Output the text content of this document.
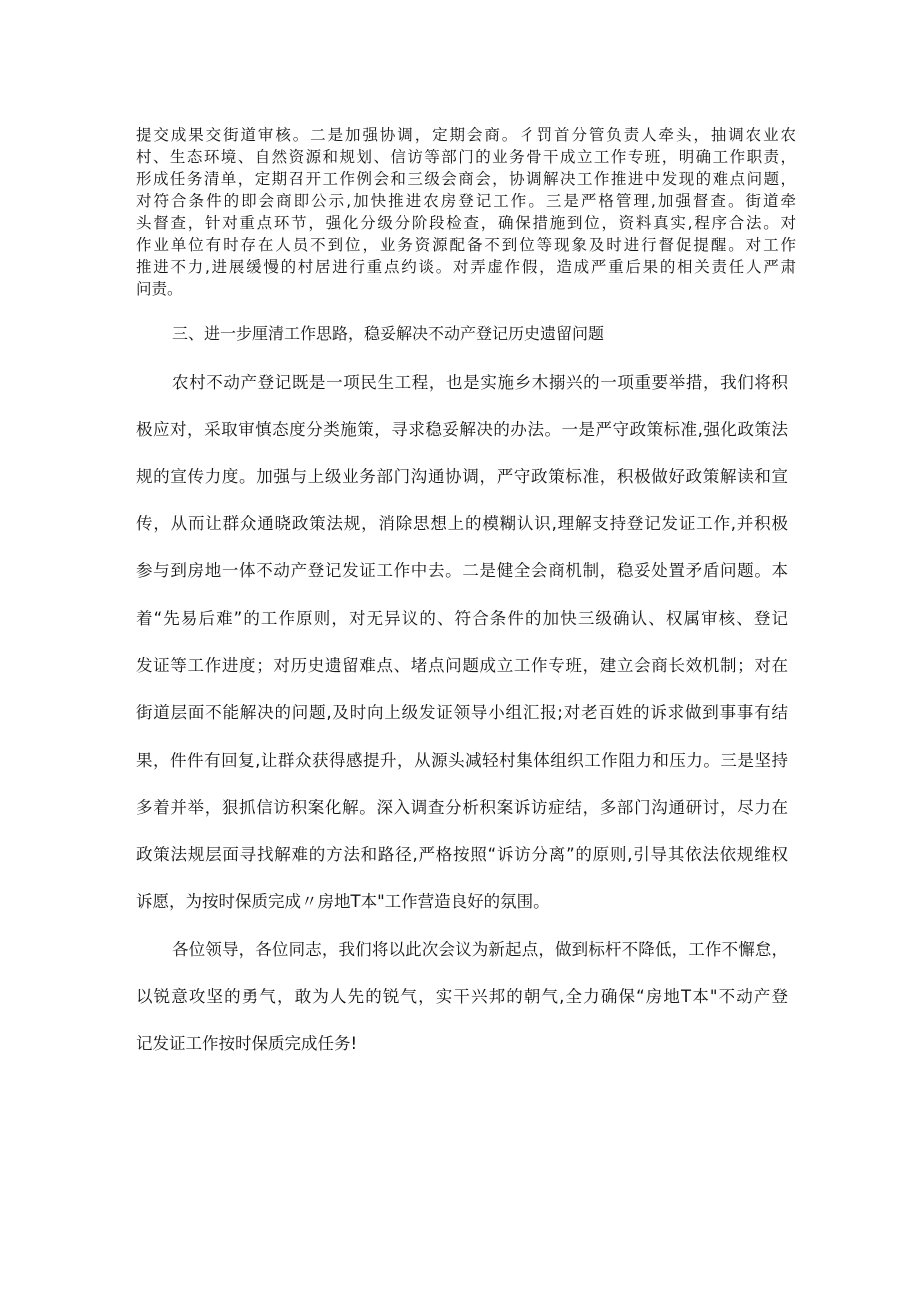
提交成果交街道审核。二是加强协调，定期会商。彳罚首分管负责人牵头，抽调农业农
村、生态环境、自然资源和规划、信访等部门的业务骨干成立工作专班，明确工作职责，
形成任务清单，定期召开工作例会和三级会商会，协调解决工作推进中发现的难点问题，
对符合条件的即会商即公示,加快推进农房登记工作。三是严格管理,加强督查。街道牵
头督查，针对重点环节，强化分级分阶段检查，确保措施到位，资料真实,程序合法。对
作业单位有时存在人员不到位，业务资源配备不到位等现象及时进行督促提醒。对工作
推进不力,进展缓慢的村居进行重点约谈。对弄虚作假，造成严重后果的相关责任人严肃
问责。
三、进一步厘清工作思路，稳妥解决不动产登记历史遗留问题
农村不动产登记既是一项民生工程，也是实施乡木搦兴的一项重要举措，我们将积
极应对，采取审慎态度分类施策，寻求稳妥解决的办法。一是严守政策标准,强化政策法
规的宣传力度。加强与上级业务部门沟通协调，严守政策标准，积极做好政策解读和宣
传，从而让群众通晓政策法规，消除思想上的模糊认识,理解支持登记发证工作,并积极
参与到房地一体不动产登记发证工作中去。二是健全会商机制，稳妥处置矛盾问题。本
着“先易后难”的工作原则，对无异议的、符合条件的加快三级确认、权属审核、登记
发证等工作进度；对历史遗留难点、堵点问题成立工作专班，建立会商长效机制；对在
街道层面不能解决的问题,及时向上级发证领导小组汇报;对老百姓的诉求做到事事有结
果，件件有回复,让群众获得感提升，从源头减轻村集体组织工作阻力和压力。三是坚持
多着并举，狠抓信访积案化解。深入调查分析积案诉访症结，多部门沟通研讨，尽力在
政策法规层面寻找解难的方法和路径,严格按照“诉访分离”的原则,引导其依法依规维权
诉愿，为按时保质完成〃房地T本"工作营造良好的氛围。
各位领导，各位同志，我们将以此次会议为新起点，做到标杆不降低，工作不懈怠，
以锐意攻坚的勇气，敢为人先的锐气，实干兴邦的朝气,全力确保“房地T本"不动产登
记发证工作按时保质完成任务!
